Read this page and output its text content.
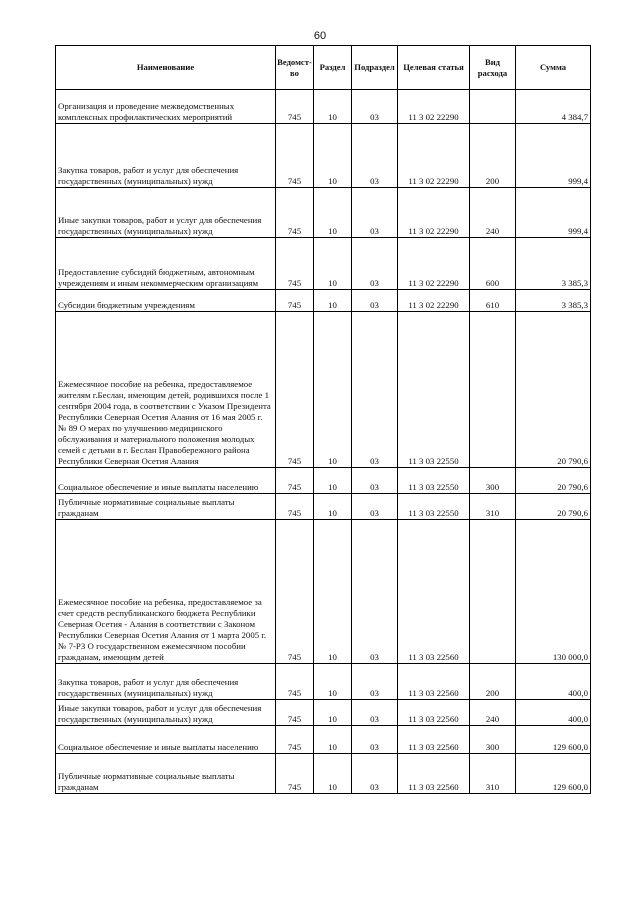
60
Наименование	Ведомст-во	Раздел	Подраздел	Целевая статья	Вид расхода	Сумма
Организация и проведение межведомственных комплексных профилактических мероприятий	745	10	03	11 3 02 22290		4 384,7
Закупка товаров, работ и услуг для обеспечения государственных (муниципальных) нужд	745	10	03	11 3 02 22290	200	999,4
Иные закупки товаров, работ и услуг для обеспечения государственных (муниципальных) нужд	745	10	03	11 3 02 22290	240	999,4
Предоставление субсидий бюджетным, автономным учреждениям и иным некоммерческим организациям	745	10	03	11 3 02 22290	600	3 385,3
Субсидии бюджетным учреждениям	745	10	03	11 3 02 22290	610	3 385,3
Ежемесячное пособие на ребенка, предоставляемое жителям г.Беслан, имеющим детей, родившихся после 1 сентября 2004 года, в соответствии с Указом Президента Республики Северная Осетия Алания от 16 мая 2005 г. № 89 О мерах по улучшению медицинского обслуживания и материального положения молодых семей с детьми в г. Беслан Правобережного района Республики Северная Осетия Алания	745	10	03	11 3 03 22550		20 790,6
Социальное обеспечение и иные выплаты населению	745	10	03	11 3 03 22550	300	20 790,6
Публичные нормативные социальные выплаты гражданам	745	10	03	11 3 03 22550	310	20 790,6
Ежемесячное пособие на ребенка, предоставляемое за счет средств республиканского бюджета Республики Северная Осетия - Алания в соответствии с Законом Республики Северная Осетия Алания от 1 марта 2005 г. № 7-РЗ О государственном ежемесячном пособии гражданам, имеющим детей	745	10	03	11 3 03 22560		130 000,0
Закупка товаров, работ и услуг для обеспечения государственных (муниципальных) нужд	745	10	03	11 3 03 22560	200	400,0
Иные закупки товаров, работ и услуг для обеспечения государственных (муниципальных) нужд	745	10	03	11 3 03 22560	240	400,0
Социальное обеспечение и иные выплаты населению	745	10	03	11 3 03 22560	300	129 600,0
Публичные нормативные социальные выплаты гражданам	745	10	03	11 3 03 22560	310	129 600,0
